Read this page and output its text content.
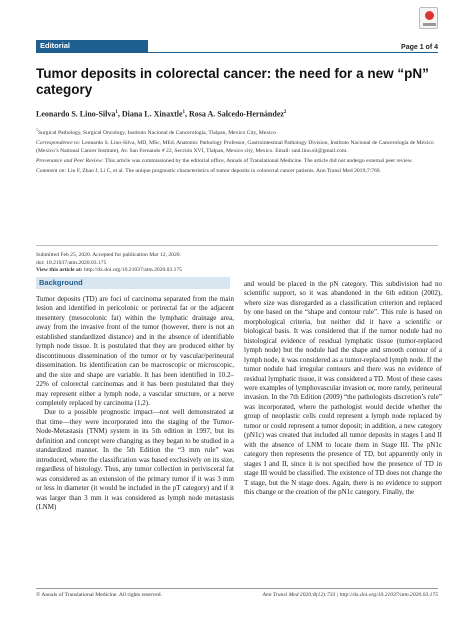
Editorial	Page 1 of 4
Tumor deposits in colorectal cancer: the need for a new “pN” category
Leonardo S. Lino-Silva$^1$, Diana L. Xinaxtle$^1$, Rosa A. Salcedo-Hernández$^2$

$^1$Surgical Pathology, Surgical Oncology, Instituto Nacional de Cancerología, Tlalpan, Mexico City, Mexico

Correspondence to: Leonardo S. Lino-Silva, MD, MSc, MEd. Anatomic Pathology Professor, Gastrointestinal Pathology Division, Instituto Nacional de Cancerología de México (Mexico’s National Cancer Institute), Av. San Fernando # 22, Sección XVI, Tlalpan, Mexico city, Mexico. Email: saul.lino.sil@gmail.com.

Provenance and Peer Review: This article was commissioned by the editorial office, Annals of Translational Medicine. The article did not undergo external peer review.

Comment on: Liu F, Zhao J, Li C, et al. The unique prognostic characteristics of tumor deposits in colorectal cancer patients. Ann Transl Med 2019;7:769.

Submitted Feb 25, 2020. Accepted for publication Mar 12, 2020.
doi: 10.21037/atm.2020.03.175
View this article at: http://dx.doi.org/10.21037/atm.2020.03.175
Background

Tumor deposits (TD) are foci of carcinoma separated from the main lesion and identified in pericolonic or perirectal fat or the adjacent mesentery (mesocolonic fat) within the lymphatic drainage area, away from the invasive front of the tumor (however, there is not an established standardized distance) and in the absence of identifiable lymph node tissue. It is postulated that they are produced either by discontinuous dissemination of the tumor or by vascular/perineural dissemination. Its identification can be macroscopic or microscopic, and the size and shape are variable. It has been identified in 10.2–22% of colorectal carcinomas and it has been postulated that they may represent either a lymph node, a vascular structure, or a nerve completely replaced by carcinoma (1,2).

Due to a possible prognostic impact—not well demonstrated at that time—they were incorporated into the staging of the Tumor-Node-Metastasis (TNM) system in its 5th edition in 1997, but its definition and concept were changing as they began to be studied in a standardized manner. In the 5th Edition the “3 mm rule” was introduced, where the classification was based exclusively on its size, regardless of histology. Thus, any tumor collection in perivisceral fat was considered as an extension of the primary tumor if it was 3 mm or less in diameter (it would be included in the pT category) and if it was larger than 3 mm it was considered as lymph node metastasis (LNM)

and would be placed in the pN category. This subdivision had no scientific support, so it was abandoned in the 6th edition (2002), where size was disregarded as a classification criterion and replaced by one based on the “shape and contour rule”. This rule is based on morphological criteria, but neither did it have a scientific or biological basis. It was considered that if the tumor nodule had no histological evidence of residual lymphatic tissue (tumor-replaced lymph node) but the nodule had the shape and smooth contour of a lymph node, it was considered as a tumor-replaced lymph node. If the tumor nodule had irregular contours and there was no evidence of residual lymphatic tissue, it was considered a TD. Most of these cases were examples of lymphovascular invasion or, more rarely, perineural invasion. In the 7th Edition (2009) “the pathologists discretion’s rule” was incorporated, where the pathologist would decide whether the group of neoplastic cells could represent a lymph node replaced by tumor or could represent a tumor deposit; in addition, a new category (pN1c) was created that included all tumor deposits in stages I and II with the absence of LNM to locate them in Stage III. The pN1c category then represents the presence of TD, but apparently only in stages I and II, since it is not specified how the presence of TD in stage III would be classified. The existence of TD does not change the T stage, but the N stage does. Again, there is no evidence to support this change or the creation of the pN1c category. Finally, the

© Annals of Translational Medicine. All rights reserved.	Ann Transl Med 2020;8(12):733 | http://dx.doi.org/10.21037/atm.2020.03.175
